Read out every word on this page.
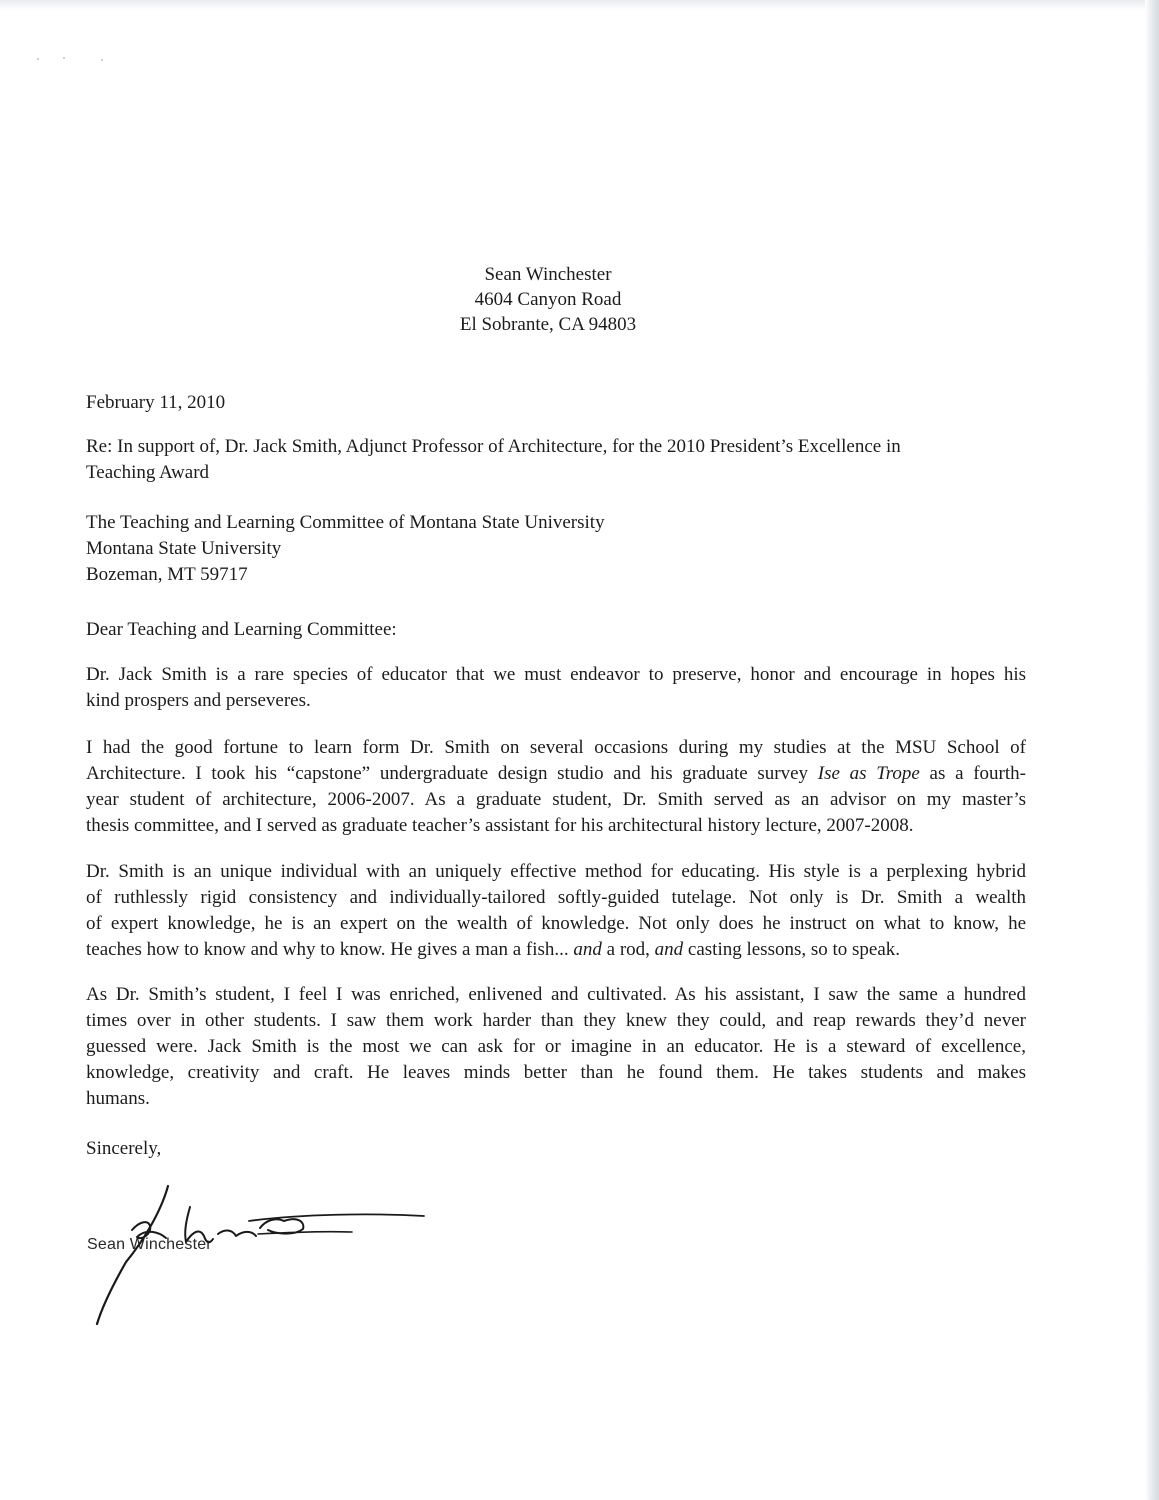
Sean Winchester
4604 Canyon Road
El Sobrante, CA 94803
February 11, 2010
Re: In support of, Dr. Jack Smith, Adjunct Professor of Architecture, for the 2010 President’s Excellence in
Teaching Award
The Teaching and Learning Committee of Montana State University
Montana State University
Bozeman, MT 59717
Dear Teaching and Learning Committee:
Dr. Jack Smith is a rare species of educator that we must endeavor to preserve, honor and encourage in hopes his
kind prospers and perseveres.
I had the good fortune to learn form Dr. Smith on several occasions during my studies at the MSU School of
Architecture. I took his “capstone” undergraduate design studio and his graduate survey Ise as Trope as a fourth-
year student of architecture, 2006-2007. As a graduate student, Dr. Smith served as an advisor on my master’s
thesis committee, and I served as graduate teacher’s assistant for his architectural history lecture, 2007-2008.
Dr. Smith is an unique individual with an uniquely effective method for educating. His style is a perplexing hybrid
of ruthlessly rigid consistency and individually-tailored softly-guided tutelage. Not only is Dr. Smith a wealth
of expert knowledge, he is an expert on the wealth of knowledge. Not only does he instruct on what to know, he
teaches how to know and why to know. He gives a man a fish... and a rod, and casting lessons, so to speak.
As Dr. Smith’s student, I feel I was enriched, enlivened and cultivated. As his assistant, I saw the same a hundred
times over in other students. I saw them work harder than they knew they could, and reap rewards they’d never
guessed were. Jack Smith is the most we can ask for or imagine in an educator. He is a steward of excellence,
knowledge, creativity and craft. He leaves minds better than he found them. He takes students and makes
humans.
Sincerely,
Sean Winchester
